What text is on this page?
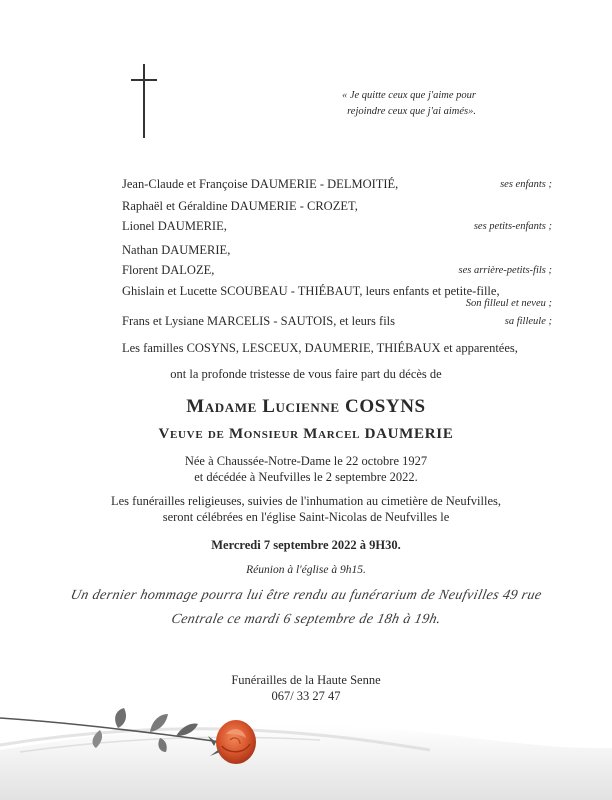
« Je quitte ceux que j'aime pour
rejoindre ceux que j'ai aimés».
Jean-Claude et Françoise DAUMERIE - DELMOITIÉ,	ses enfants ;
Raphaël et Géraldine DAUMERIE - CROZET,
Lionel DAUMERIE,	ses petits-enfants ;
Nathan DAUMERIE,
Florent DALOZE,	ses arrière-petits-fils ;
Ghislain et Lucette SCOUBEAU - THIÉBAUT, leurs enfants et petite-fille,
Son filleul et neveu ;
Frans et Lysiane MARCELIS - SAUTOIS, et leurs fils	sa filleule ;
Les familles COSYNS, LESCEUX, DAUMERIE, THIÉBAUX et apparentées,
ont la profonde tristesse de vous faire part du décès de
Madame Lucienne COSYNS
Veuve de Monsieur Marcel DAUMERIE
Née à Chaussée-Notre-Dame le 22 octobre 1927
et décédée à Neufvilles le 2 septembre 2022.
Les funérailles religieuses, suivies de l'inhumation au cimetière de Neufvilles,
seront célébrées en l'église Saint-Nicolas de Neufvilles le
Mercredi 7 septembre 2022 à 9H30.
Réunion à l'église à 9h15.
Un dernier hommage pourra lui être rendu au funérarium de Neufvilles 49 rue
Centrale ce mardi 6 septembre de 18h à 19h.
Funérailles de la Haute Senne
067/ 33 27 47
